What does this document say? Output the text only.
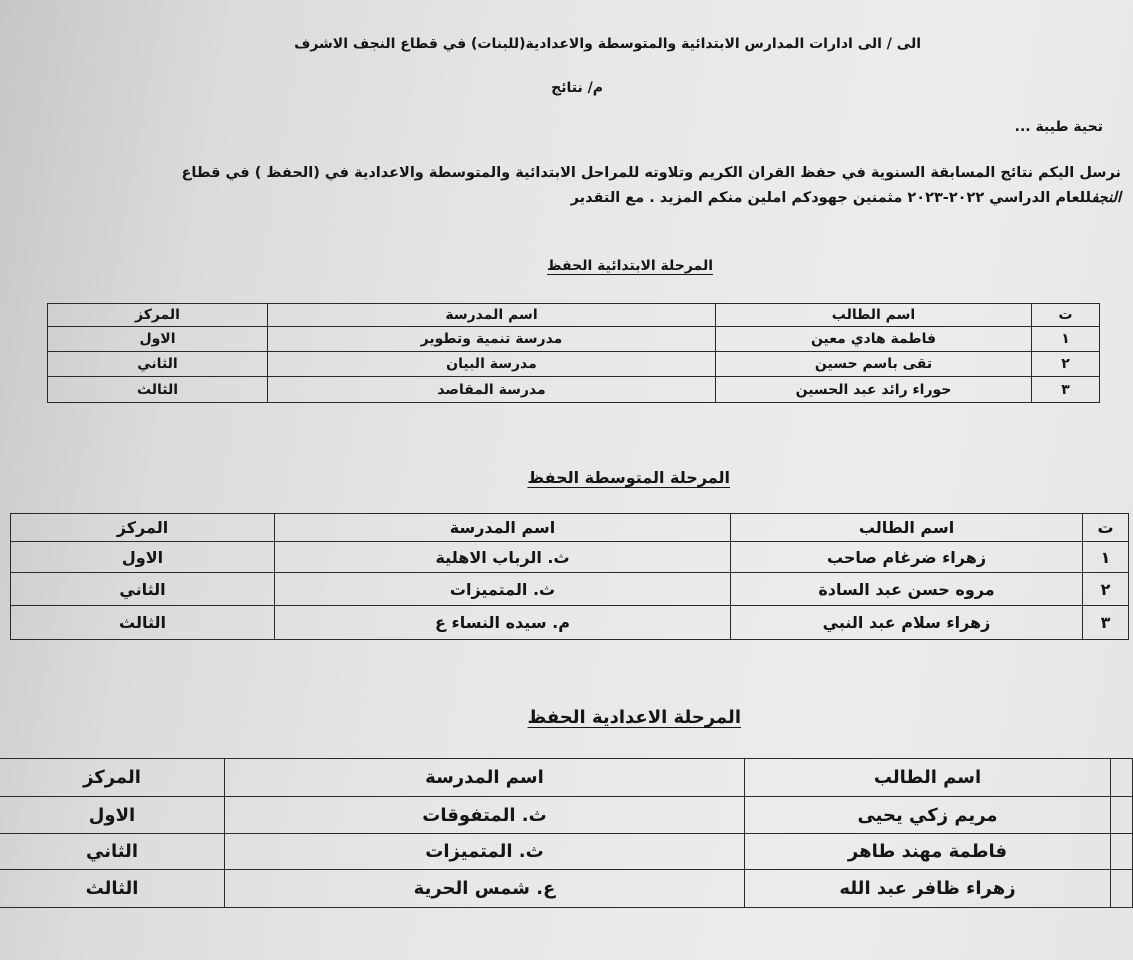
الى / الى ادارات المدارس الابتدائية والمتوسطة والاعدادية(للبنات) في قطاع النجف الاشرف
م/ نتائج
تحية طيبة ...
نرسل اليكم نتائج المسابقة السنوية في حفظ القران الكريم وتلاوته للمراحل الابتدائية والمتوسطة والاعدادية في (الحفظ ) في قطاع
النجفللعام الدراسي ٢٠٢٢-٢٠٢٣ مثمنين جهودكم املين منكم المزيد . مع التقدير
المرحلة الابتدائية الحفظ
ت	اسم الطالب	اسم المدرسة	المركز
١	فاطمة هادي معين	مدرسة تنمية وتطوير	الاول
٢	تقى باسم حسين	مدرسة البيان	الثاني
٣	حوراء رائد عبد الحسين	مدرسة المقاصد	الثالث
المرحلة المتوسطة الحفظ
ت	اسم الطالب	اسم المدرسة	المركز
١	زهراء ضرغام صاحب	ث. الرباب الاهلية	الاول
٢	مروه حسن عبد السادة	ث. المتميزات	الثاني
٣	زهراء سلام عبد النبي	م. سيده النساء ع	الثالث
المرحلة الاعدادية الحفظ
	اسم الطالب	اسم المدرسة	المركز
	مريم زكي يحيى	ث. المتفوقات	الاول
	فاطمة مهند طاهر	ث. المتميزات	الثاني
	زهراء ظافر عبد الله	ع. شمس الحرية	الثالث
